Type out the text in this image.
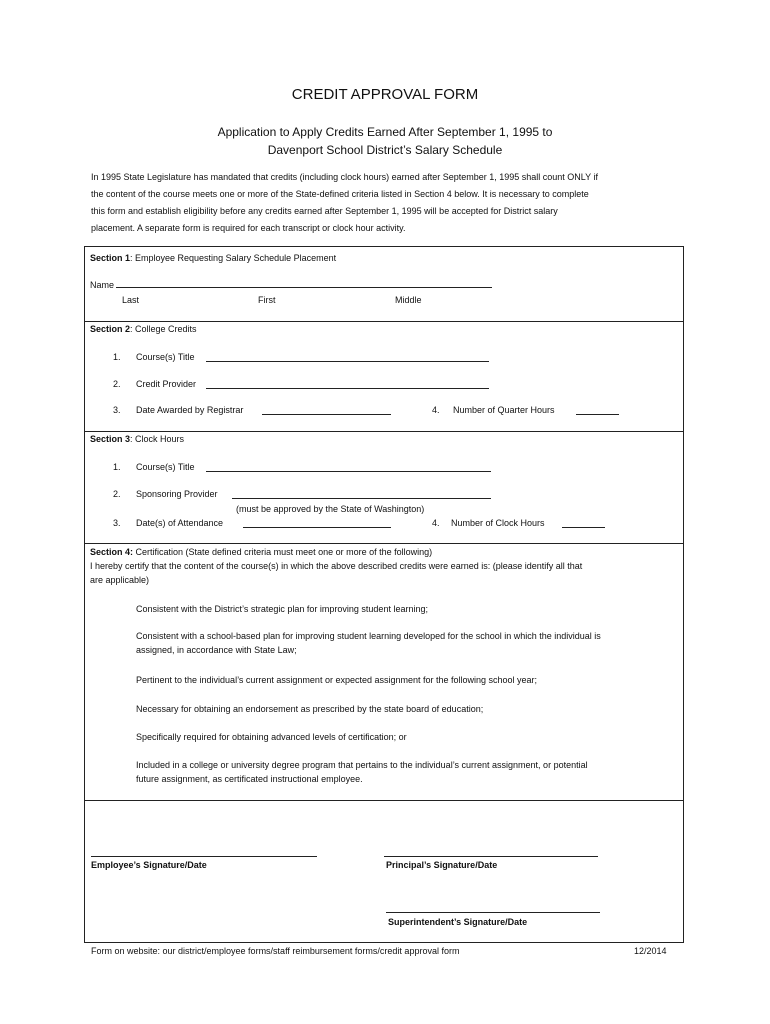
CREDIT APPROVAL FORM
Application to Apply Credits Earned After September 1, 1995 to
Davenport School District’s Salary Schedule
In 1995 State Legislature has mandated that credits (including clock hours) earned after September 1, 1995 shall count ONLY if
the content of the course meets one or more of the State-defined criteria listed in Section 4 below. It is necessary to complete
this form and establish eligibility before any credits earned after September 1, 1995 will be accepted for District salary
placement. A separate form is required for each transcript or clock hour activity.
Section 1: Employee Requesting Salary Schedule Placement
Name
Last	First	Middle
Section 2: College Credits
1. Course(s) Title
2. Credit Provider
3. Date Awarded by Registrar	4. Number of Quarter Hours
Section 3: Clock Hours
1. Course(s) Title
2. Sponsoring Provider
(must be approved by the State of Washington)
3. Date(s) of Attendance	4. Number of Clock Hours
Section 4: Certification (State defined criteria must meet one or more of the following)
I hereby certify that the content of the course(s) in which the above described credits were earned is: (please identify all that
are applicable)
Consistent with the District’s strategic plan for improving student learning;
Consistent with a school-based plan for improving student learning developed for the school in which the individual is
assigned, in accordance with State Law;
Pertinent to the individual’s current assignment or expected assignment for the following school year;
Necessary for obtaining an endorsement as prescribed by the state board of education;
Specifically required for obtaining advanced levels of certification; or
Included in a college or university degree program that pertains to the individual’s current assignment, or potential
future assignment, as certificated instructional employee.
Employee’s Signature/Date	Principal’s Signature/Date
Superintendent’s Signature/Date
Form on website: our district/employee forms/staff reimbursement forms/credit approval form	12/2014
